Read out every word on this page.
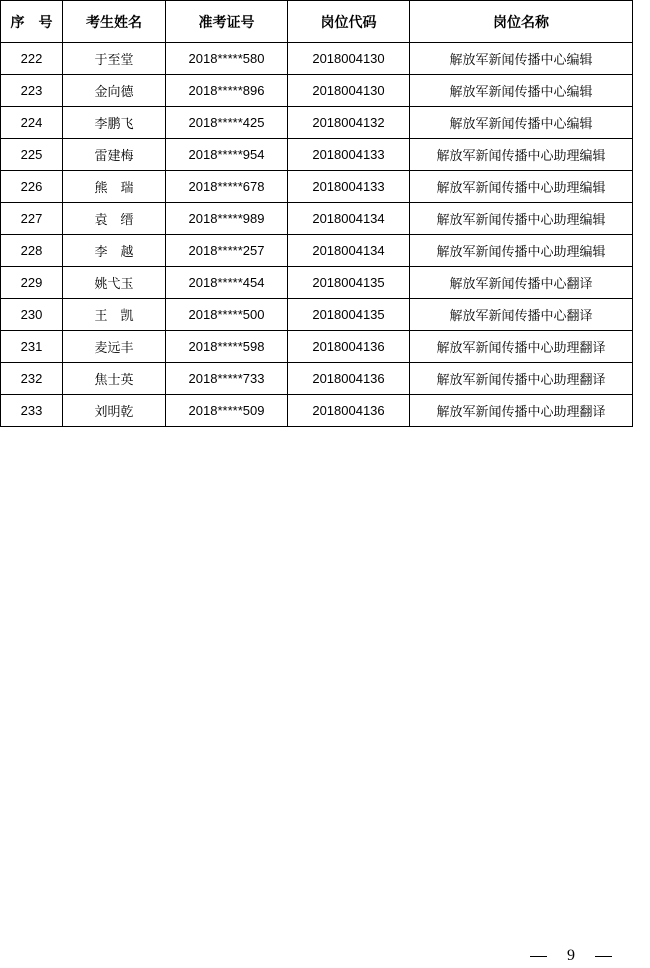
序　号	考生姓名	准考证号	岗位代码	岗位名称
222	于至堂	2018*****580	2018004130	解放军新闻传播中心编辑
223	金向德	2018*****896	2018004130	解放军新闻传播中心编辑
224	李鹏飞	2018*****425	2018004132	解放军新闻传播中心编辑
225	雷建梅	2018*****954	2018004133	解放军新闻传播中心助理编辑
226	熊　瑞	2018*****678	2018004133	解放军新闻传播中心助理编辑
227	袁　缙	2018*****989	2018004134	解放军新闻传播中心助理编辑
228	李　越	2018*****257	2018004134	解放军新闻传播中心助理编辑
229	姚弋玉	2018*****454	2018004135	解放军新闻传播中心翻译
230	王　凯	2018*****500	2018004135	解放军新闻传播中心翻译
231	麦远丰	2018*****598	2018004136	解放军新闻传播中心助理翻译
232	焦士英	2018*****733	2018004136	解放军新闻传播中心助理翻译
233	刘明乾	2018*****509	2018004136	解放军新闻传播中心助理翻译
9
